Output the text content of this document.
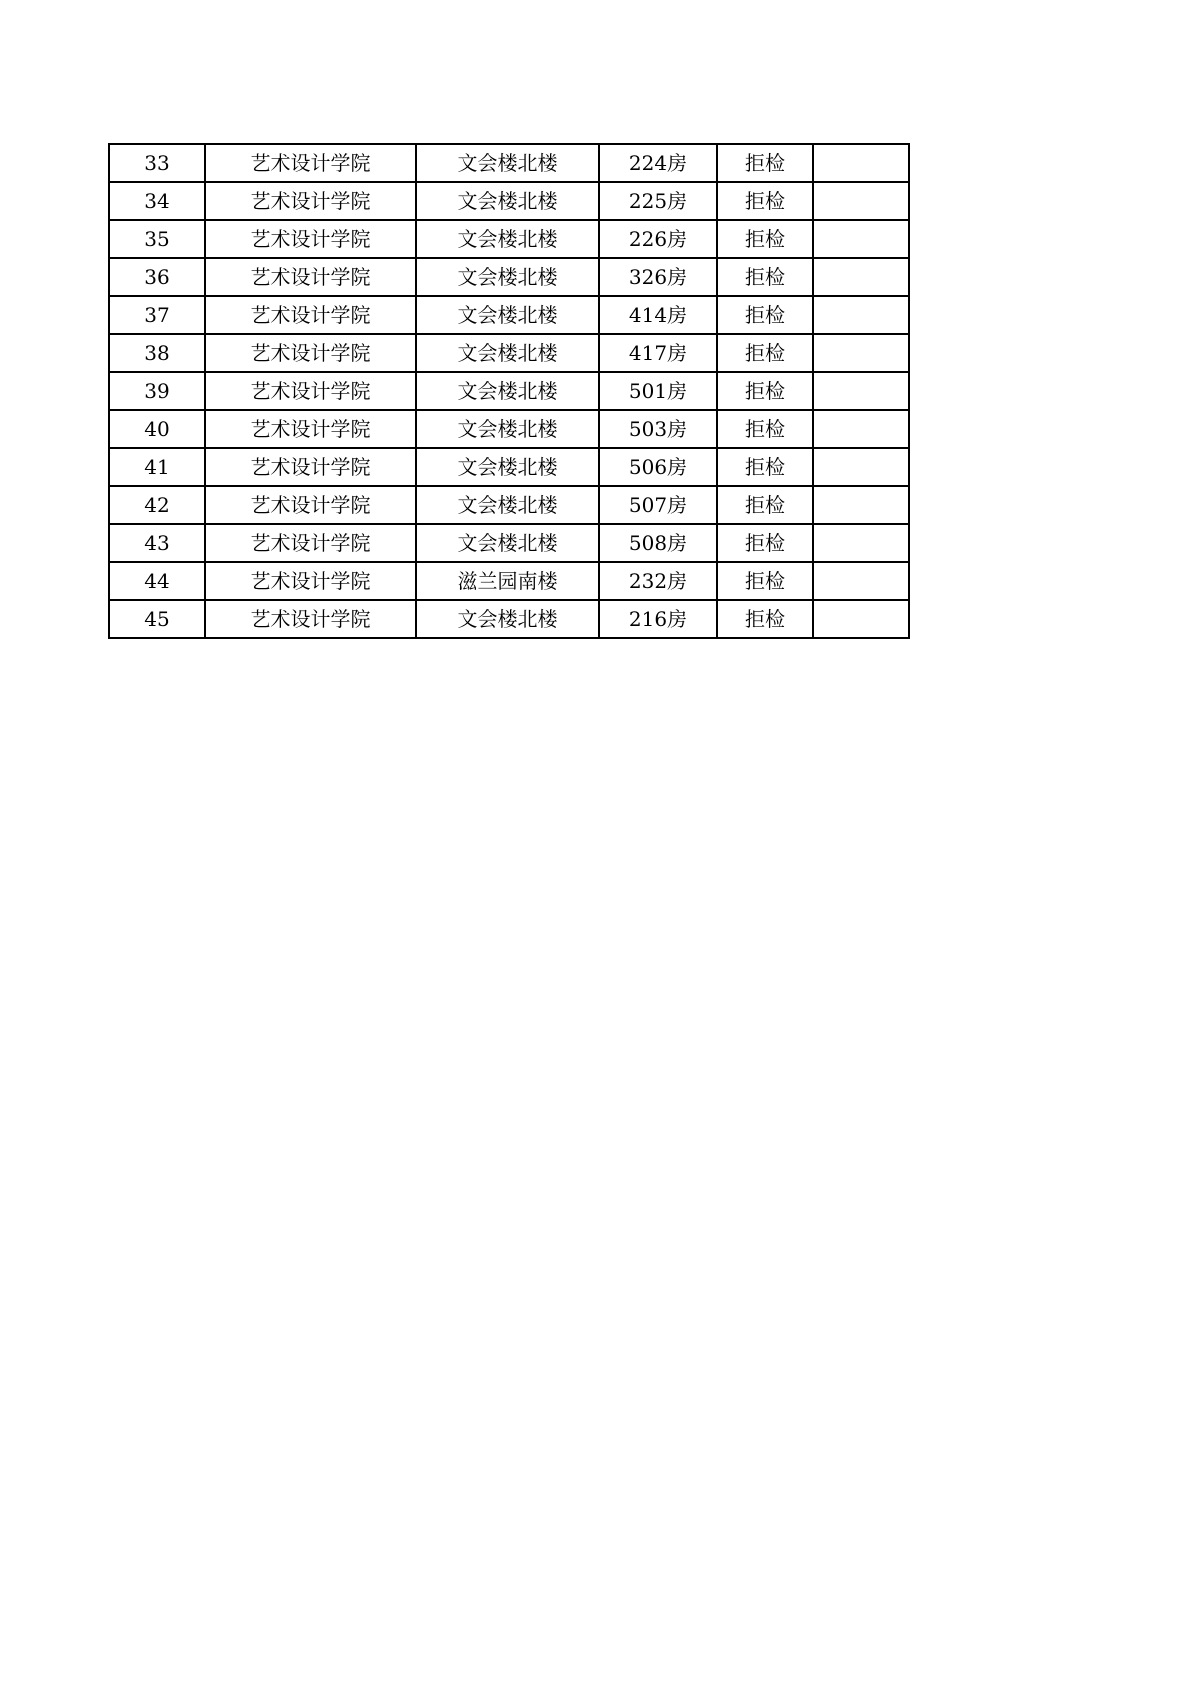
33	艺术设计学院	文会楼北楼	224房	拒检	
34	艺术设计学院	文会楼北楼	225房	拒检	
35	艺术设计学院	文会楼北楼	226房	拒检	
36	艺术设计学院	文会楼北楼	326房	拒检	
37	艺术设计学院	文会楼北楼	414房	拒检	
38	艺术设计学院	文会楼北楼	417房	拒检	
39	艺术设计学院	文会楼北楼	501房	拒检	
40	艺术设计学院	文会楼北楼	503房	拒检	
41	艺术设计学院	文会楼北楼	506房	拒检	
42	艺术设计学院	文会楼北楼	507房	拒检	
43	艺术设计学院	文会楼北楼	508房	拒检	
44	艺术设计学院	滋兰园南楼	232房	拒检	
45	艺术设计学院	文会楼北楼	216房	拒检	
